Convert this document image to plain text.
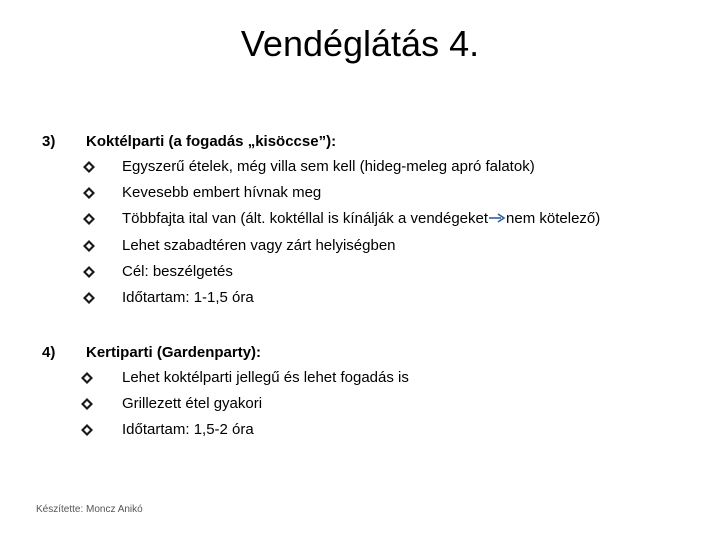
Vendéglátás 4.
3) Koktélparti (a fogadás „kisöccse”):
Egyszerű ételek, még villa sem kell (hideg-meleg apró falatok)
Kevesebb embert hívnak meg
Többfajta ital van (ált. koktéllal is kínálják a vendégeket nem kötelező)
Lehet szabadtéren vagy zárt helyiségben
Cél: beszélgetés
Időtartam: 1-1,5 óra
4) Kertiparti (Gardenparty):
Lehet koktélparti jellegű és lehet fogadás is
Grillezett étel gyakori
Időtartam: 1,5-2 óra
Készítette: Moncz Anikó
